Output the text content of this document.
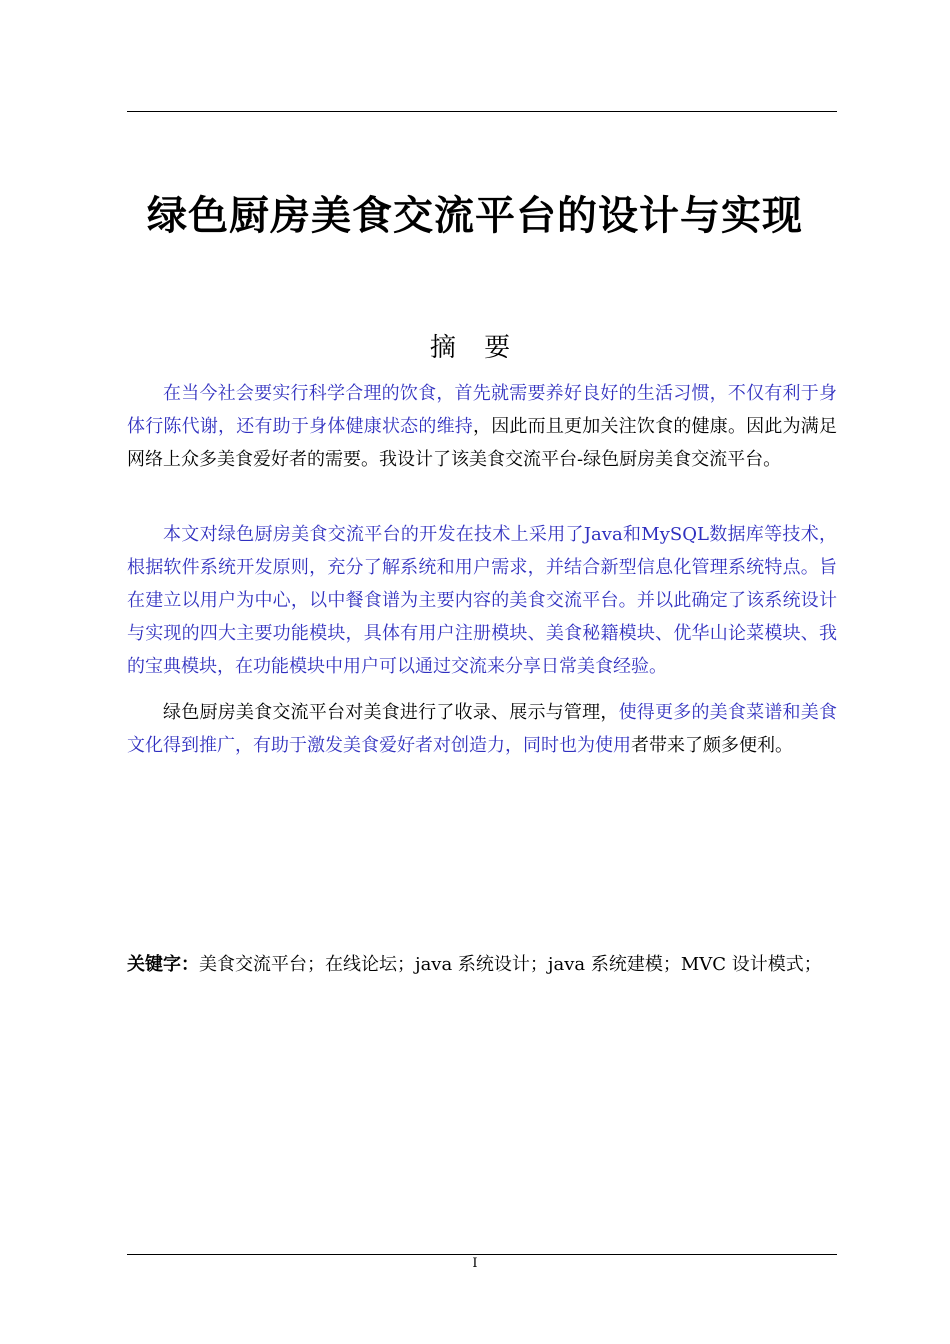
绿色厨房美食交流平台的设计与实现
摘 要

在当今社会要实行科学合理的饮食，首先就需要养好良好的生活习惯，不仅有利于身体行陈代谢，还有助于身体健康状态的维持，因此而且更加关注饮食的健康。因此为满足网络上众多美食爱好者的需要。我设计了该美食交流平台-绿色厨房美食交流平台。

本文对绿色厨房美食交流平台的开发在技术上采用了Java和MySQL数据库等技术，根据软件系统开发原则，充分了解系统和用户需求，并结合新型信息化管理系统特点。旨在建立以用户为中心，以中餐食谱为主要内容的美食交流平台。并以此确定了该系统设计与实现的四大主要功能模块，具体有用户注册模块、美食秘籍模块、优华山论菜模块、我的宝典模块，在功能模块中用户可以通过交流来分享日常美食经验。

绿色厨房美食交流平台对美食进行了收录、展示与管理，使得更多的美食菜谱和美食文化得到推广，有助于激发美食爱好者对创造力，同时也为使用者带来了颇多便利。

关键字：美食交流平台；在线论坛；java 系统设计；java 系统建模；MVC 设计模式；
I
